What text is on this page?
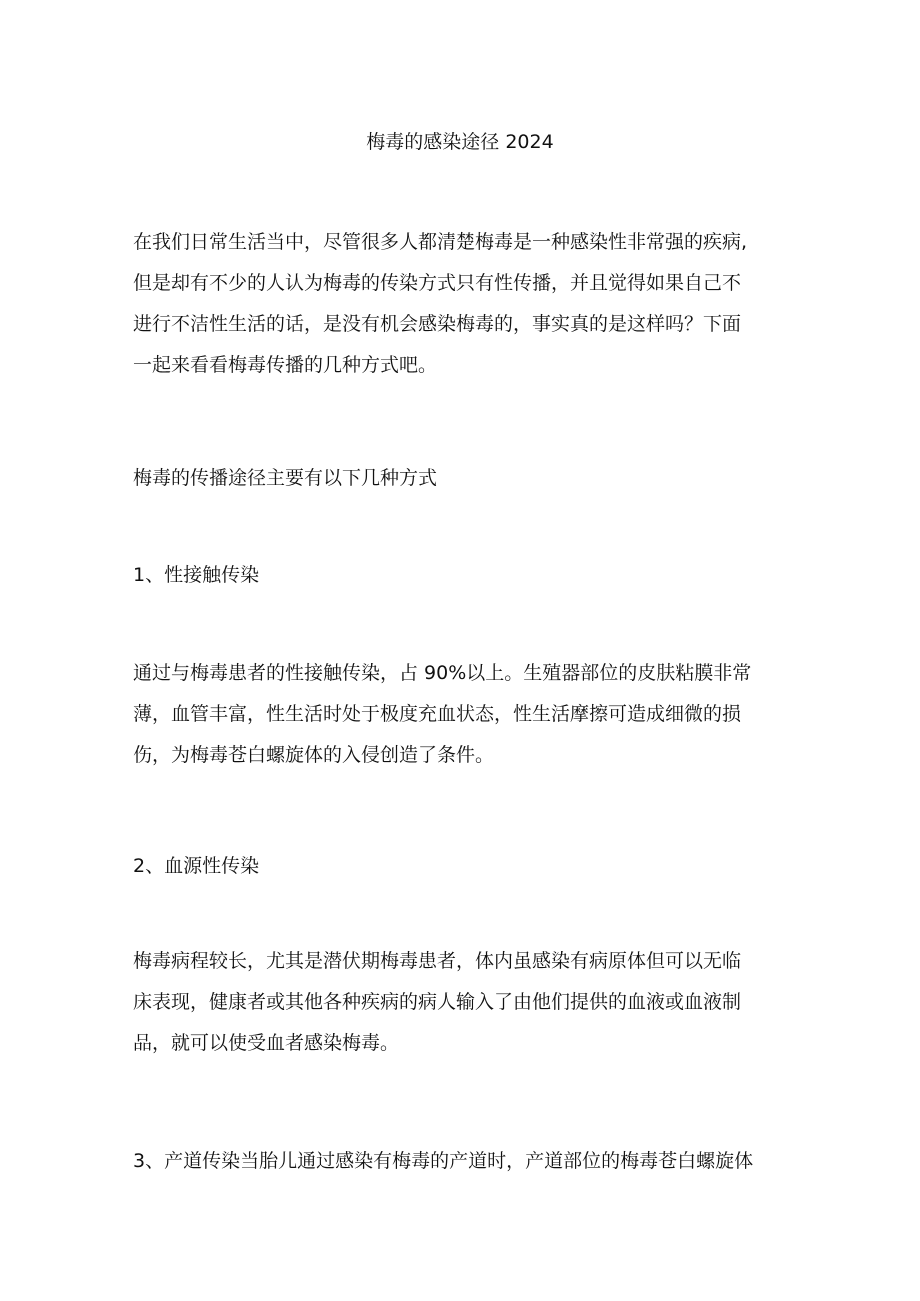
梅毒的感染途径 2024
在我们日常生活当中，尽管很多人都清楚梅毒是一种感染性非常强的疾病,
但是却有不少的人认为梅毒的传染方式只有性传播，并且觉得如果自己不
进行不洁性生活的话，是没有机会感染梅毒的，事实真的是这样吗？下面
一起来看看梅毒传播的几种方式吧。
梅毒的传播途径主要有以下几种方式
1、性接触传染
通过与梅毒患者的性接触传染，占 90%以上。生殖器部位的皮肤粘膜非常
薄，血管丰富，性生活时处于极度充血状态，性生活摩擦可造成细微的损
伤，为梅毒苍白螺旋体的入侵创造了条件。
2、血源性传染
梅毒病程较长，尤其是潜伏期梅毒患者，体内虽感染有病原体但可以无临
床表现，健康者或其他各种疾病的病人输入了由他们提供的血液或血液制
品，就可以使受血者感染梅毒。
3、产道传染当胎儿通过感染有梅毒的产道时，产道部位的梅毒苍白螺旋体
